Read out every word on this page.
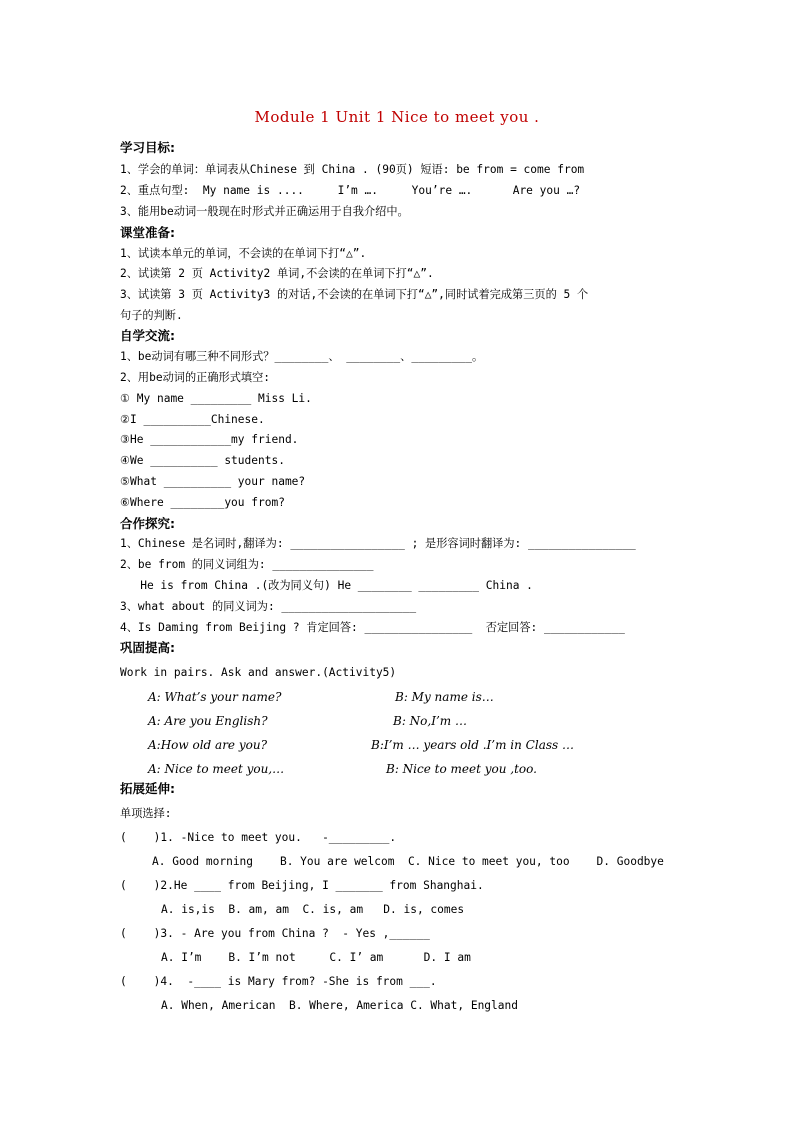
Module 1 Unit 1 Nice to meet you .
学习目标:
1、学会的单词：单词表从Chinese 到 China . (90页) 短语: be from = come from
2、重点句型:  My name is ....     I’m ….     You’re ….      Are you …?
3、能用be动词一般现在时形式并正确运用于自我介绍中。
课堂准备:
1、试读本单元的单词，不会读的在单词下打“△”.
2、试读第 2 页 Activity2 单词,不会读的在单词下打“△”.
3、试读第 3 页 Activity3 的对话,不会读的在单词下打“△”,同时试着完成第三页的 5 个
句子的判断.
自学交流:
1、be动词有哪三种不同形式？________、 ________、_________。
2、用be动词的正确形式填空:
① My name _________ Miss Li.
②I __________Chinese.
③He ____________my friend.
④We __________ students.
⑤What __________ your name?
⑥Where ________you from?
合作探究:
1、Chinese 是名词时,翻译为: _________________ ; 是形容词时翻译为: ________________
2、be from 的同义词组为: _______________
He is from China .(改为同义句) He ________ _________ China .
3、what about 的同义词为: ____________________
4、Is Daming from Beijing ? 肯定回答: ________________  否定回答: ____________
巩固提高:
Work in pairs. Ask and answer.(Activity5)
A: What’s your name?	B: My name is…
A: Are you English?	B: No,I’m …
A:How old are you?	B:I’m … years old .I’m in Class …
A: Nice to meet you,…	B: Nice to meet you ,too.
拓展延伸:
单项选择:
(    )1. -Nice to meet you.   -_________.
A. Good morning    B. You are welcom  C. Nice to meet you, too    D. Goodbye
(    )2.He ____ from Beijing, I _______ from Shanghai.
A. is,is  B. am, am  C. is, am   D. is, comes
(    )3. - Are you from China ?  - Yes ,______
A. I’m    B. I’m not     C. I’ am      D. I am
(    )4.  -____ is Mary from? -She is from ___.
A. When, American  B. Where, America C. What, England
